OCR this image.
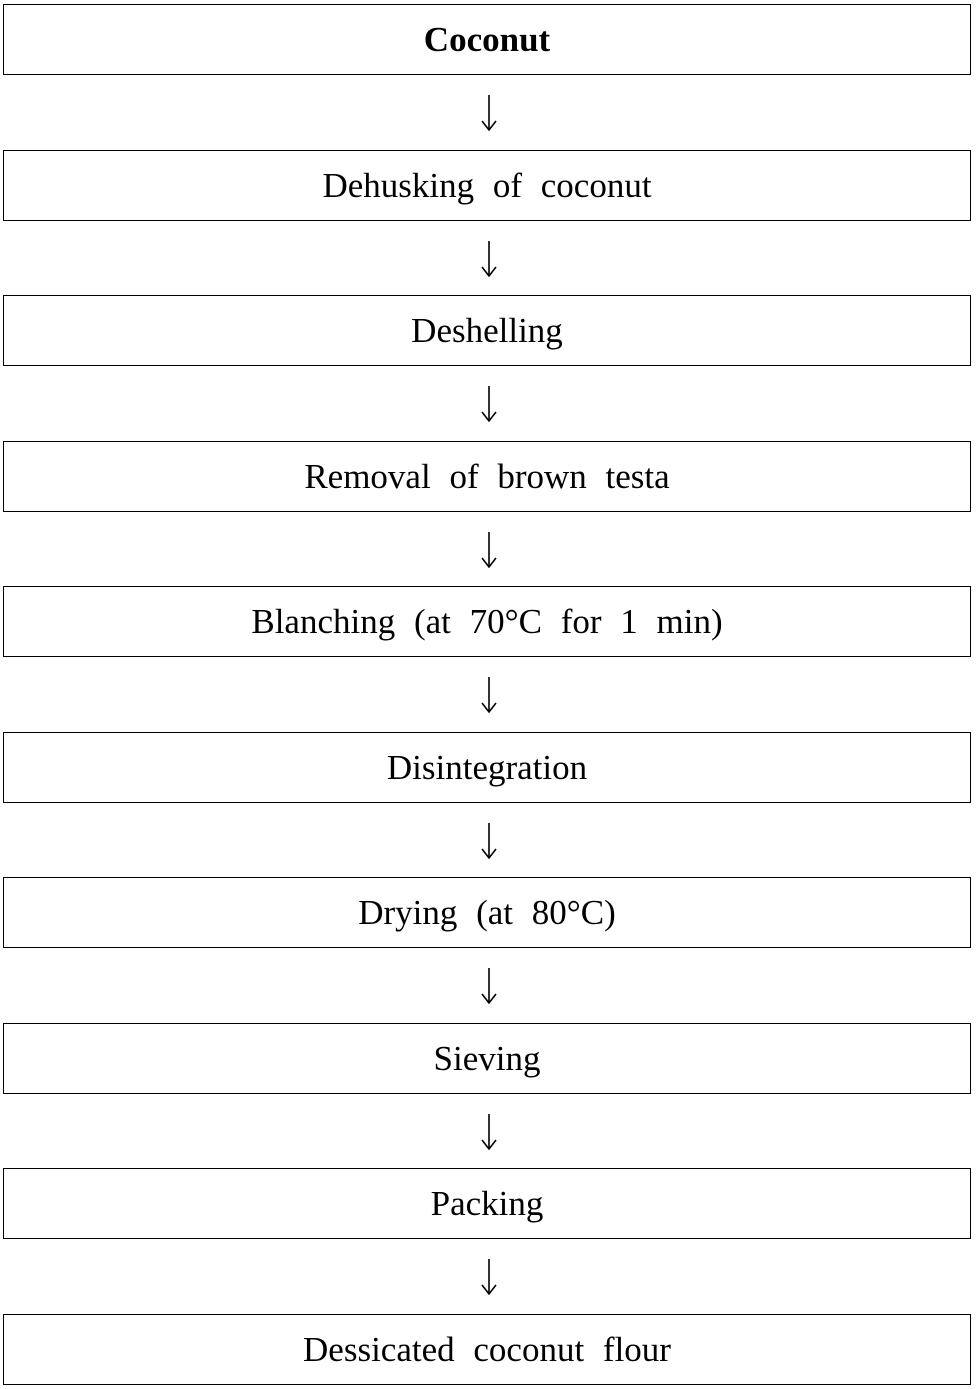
Coconut
Dehusking of coconut
Deshelling
Removal of brown testa
Blanching (at 70°C for 1 min)
Disintegration
Drying (at 80°C)
Sieving
Packing
Dessicated coconut flour
